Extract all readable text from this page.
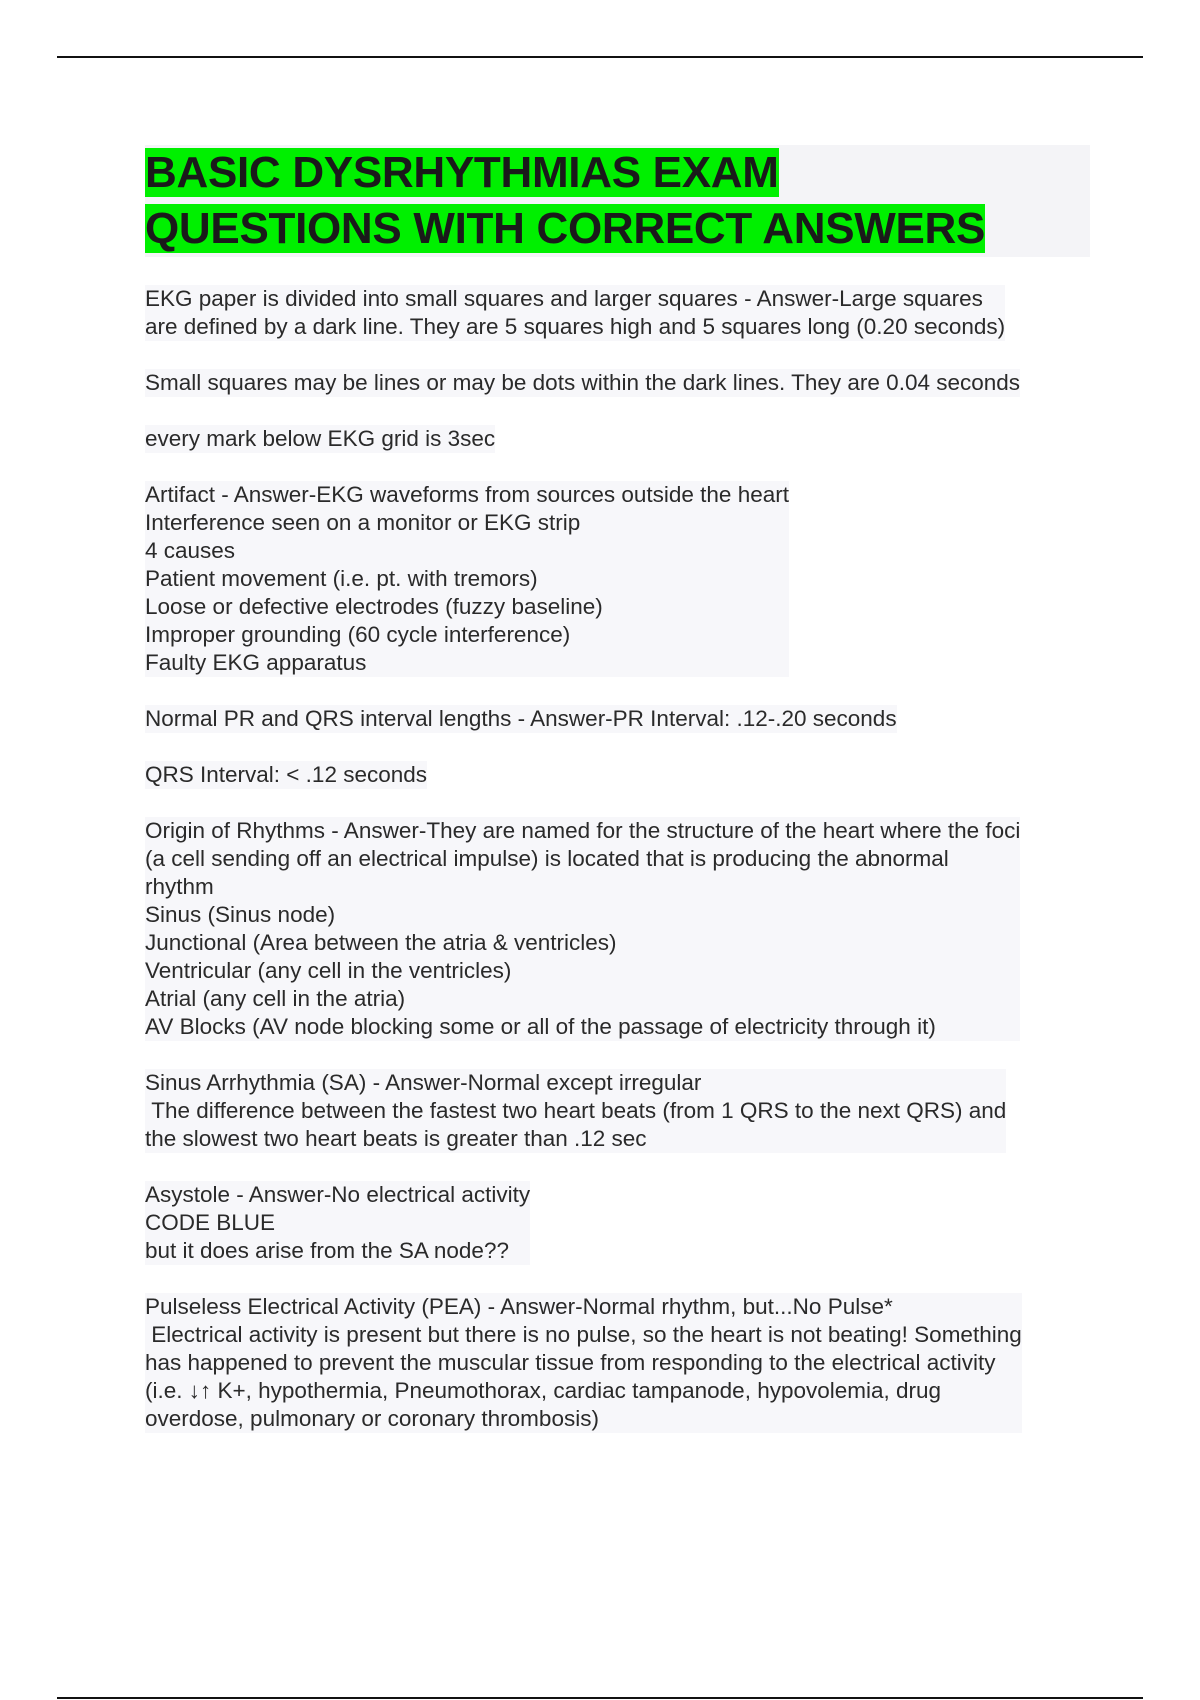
BASIC DYSRHYTHMIAS EXAM
QUESTIONS WITH CORRECT ANSWERS
EKG paper is divided into small squares and larger squares - Answer-Large squares
are defined by a dark line. They are 5 squares high and 5 squares long (0.20 seconds)
Small squares may be lines or may be dots within the dark lines. They are 0.04 seconds
every mark below EKG grid is 3sec
Artifact - Answer-EKG waveforms from sources outside the heart
Interference seen on a monitor or EKG strip
4 causes
Patient movement (i.e. pt. with tremors)
Loose or defective electrodes (fuzzy baseline)
Improper grounding (60 cycle interference)
Faulty EKG apparatus
Normal PR and QRS interval lengths - Answer-PR Interval: .12-.20 seconds
QRS Interval: < .12 seconds
Origin of Rhythms - Answer-They are named for the structure of the heart where the foci
(a cell sending off an electrical impulse) is located that is producing the abnormal
rhythm
Sinus (Sinus node)
Junctional (Area between the atria & ventricles)
Ventricular (any cell in the ventricles)
Atrial (any cell in the atria)
AV Blocks (AV node blocking some or all of the passage of electricity through it)
Sinus Arrhythmia (SA) - Answer-Normal except irregular
The difference between the fastest two heart beats (from 1 QRS to the next QRS) and
the slowest two heart beats is greater than .12 sec
Asystole - Answer-No electrical activity
CODE BLUE
but it does arise from the SA node??
Pulseless Electrical Activity (PEA) - Answer-Normal rhythm, but...No Pulse*
Electrical activity is present but there is no pulse, so the heart is not beating! Something
has happened to prevent the muscular tissue from responding to the electrical activity
(i.e. ↓↑ K+, hypothermia, Pneumothorax, cardiac tampanode, hypovolemia, drug
overdose, pulmonary or coronary thrombosis)
